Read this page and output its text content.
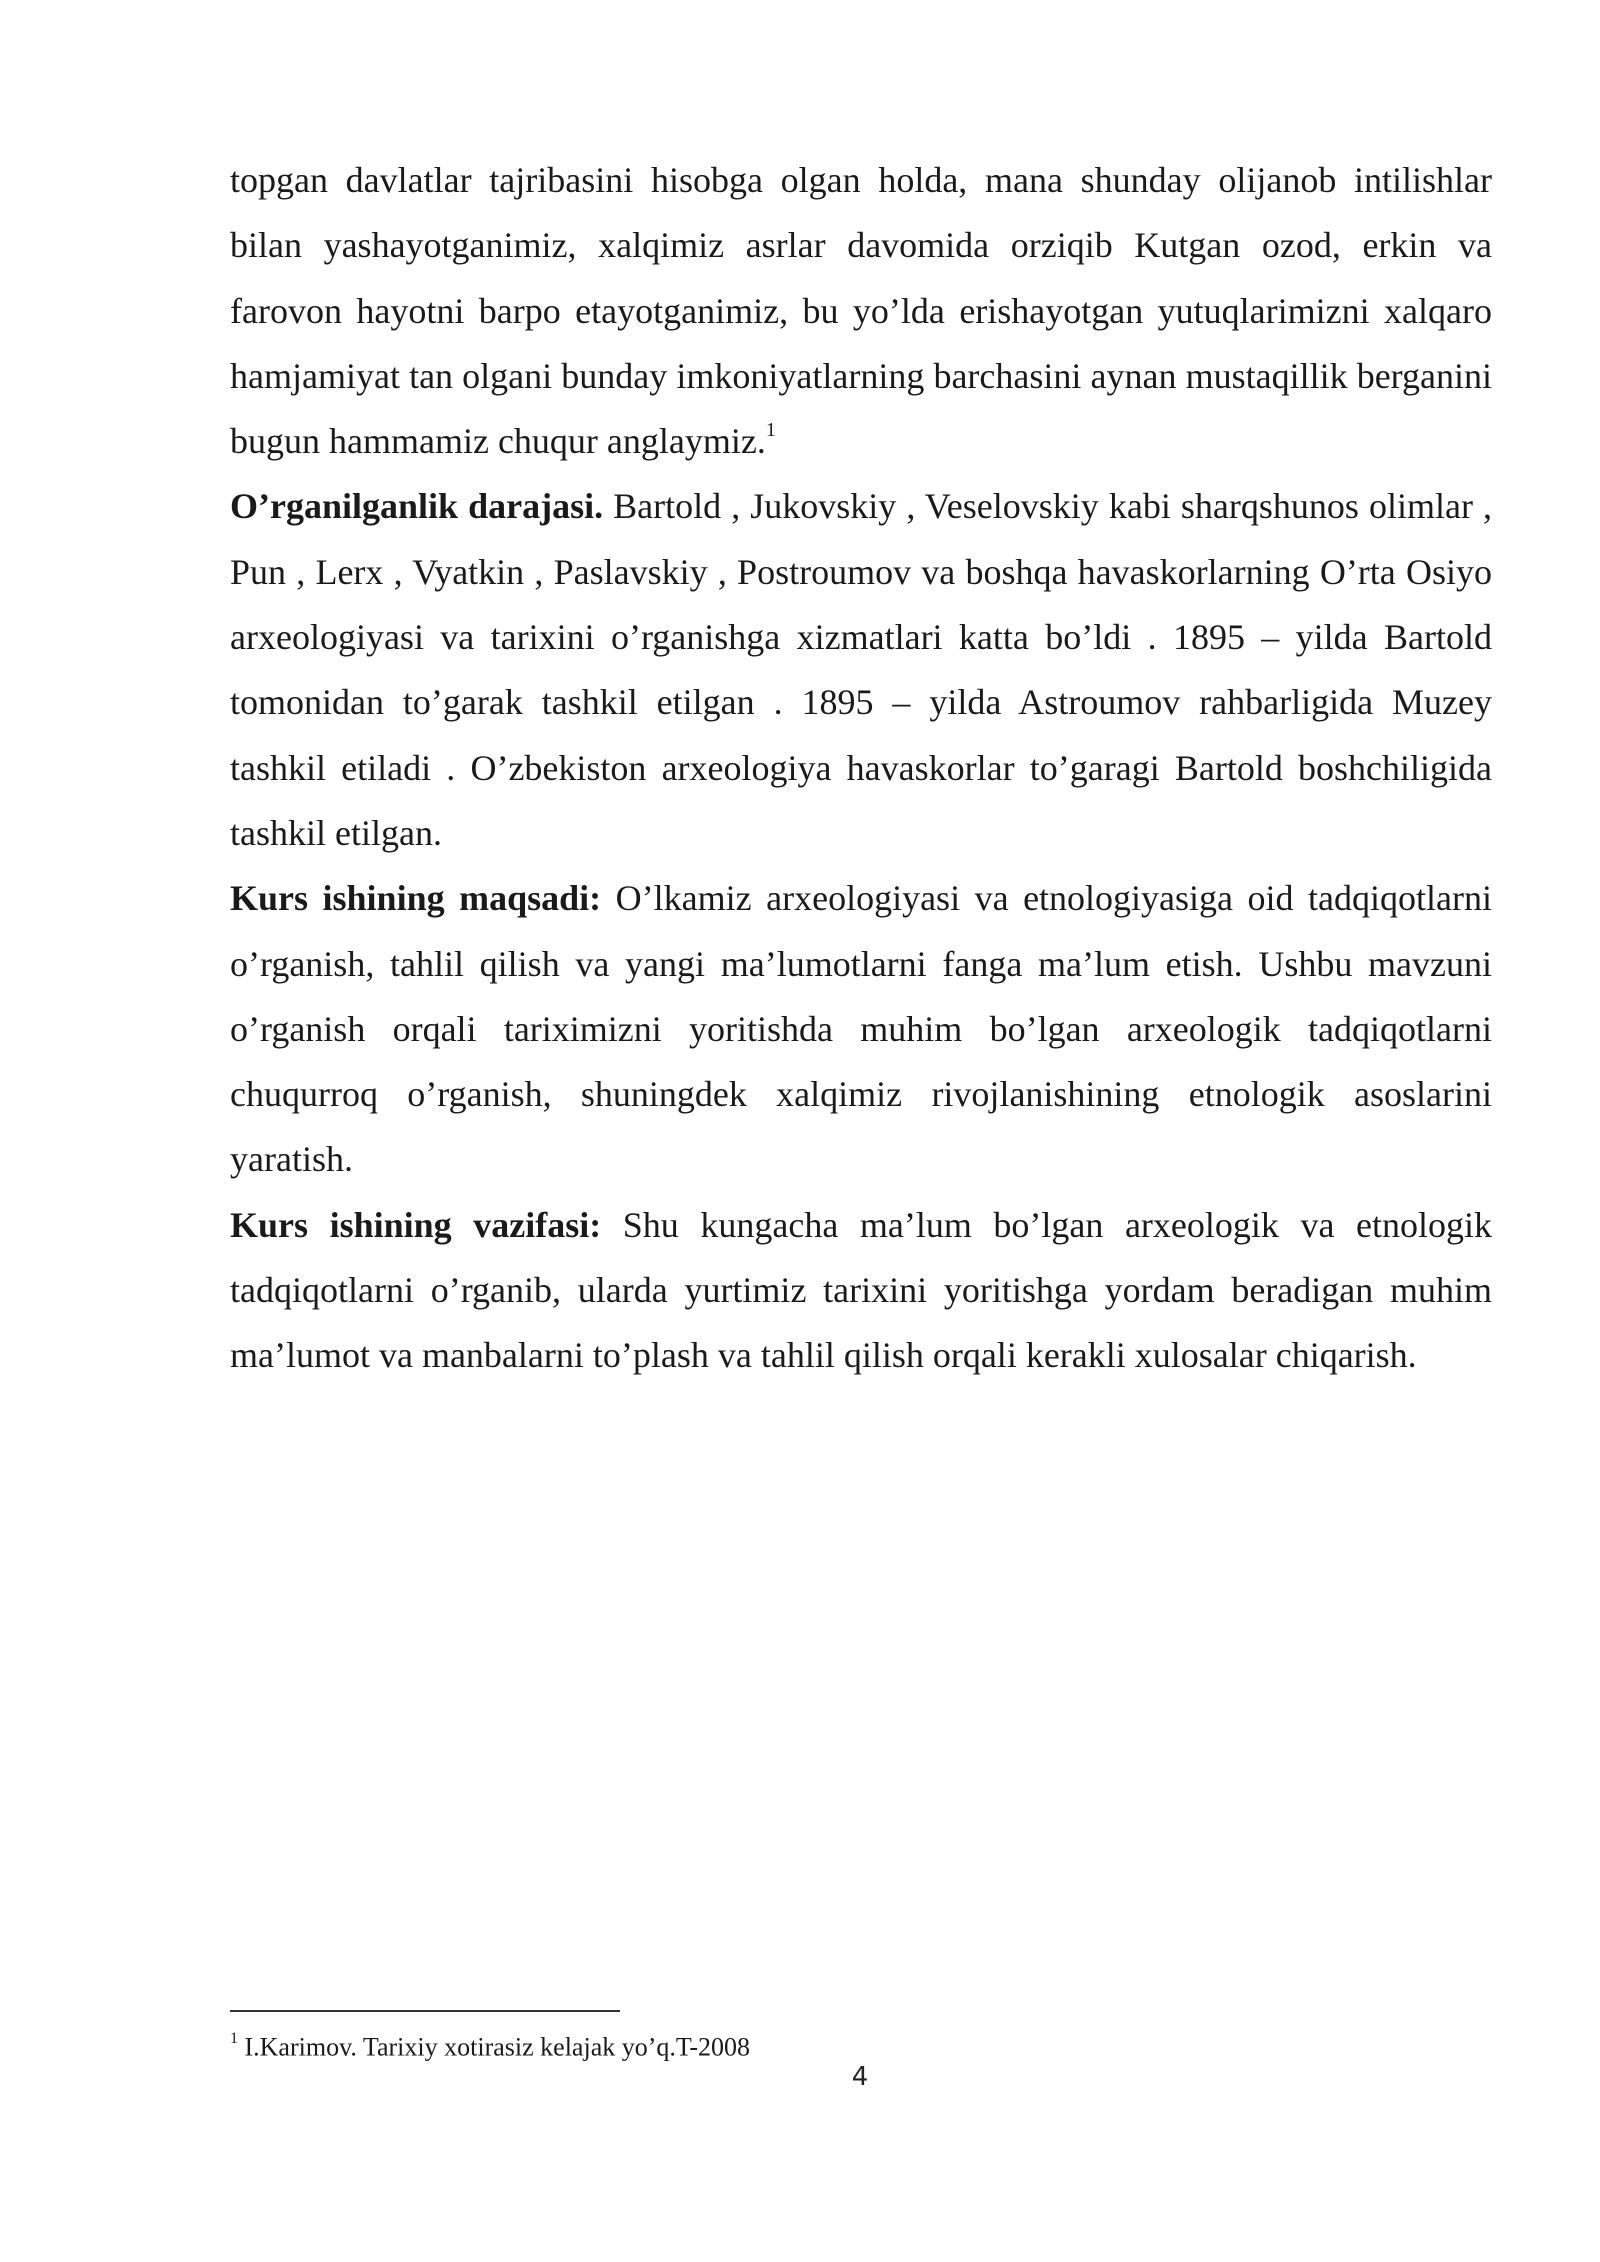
topgan davlatlar tajribasini hisobga olgan holda, mana shunday olijanob intilishlar bilan yashayotganimiz, xalqimiz asrlar davomida orziqib Kutgan ozod, erkin va farovon hayotni barpo etayotganimiz, bu yo’lda erishayotgan yutuqlarimizni xalqaro hamjamiyat tan olgani bunday imkoniyatlarning barchasini aynan mustaqillik berganini bugun hammamiz chuqur anglaymiz.$^1$

O’rganilganlik darajasi. Bartold , Jukovskiy , Veselovskiy kabi sharqshunos olimlar , Pun , Lerx , Vyatkin , Paslavskiy , Postroumov va boshqa havaskorlarning O’rta Osiyo arxeologiyasi va tarixini o’rganishga xizmatlari katta bo’ldi . 1895 – yilda Bartold tomonidan to’garak tashkil etilgan . 1895 – yilda Astroumov rahbarligida Muzey tashkil etiladi . O’zbekiston arxeologiya havaskorlar to’garagi Bartold boshchiligida tashkil etilgan.

Kurs ishining maqsadi: O’lkamiz arxeologiyasi va etnologiyasiga oid tadqiqotlarni o’rganish, tahlil qilish va yangi ma’lumotlarni fanga ma’lum etish. Ushbu mavzuni o’rganish orqali tariximizni yoritishda muhim bo’lgan arxeologik tadqiqotlarni chuqurroq o’rganish, shuningdek xalqimiz rivojlanishining etnologik asoslarini yaratish.

Kurs ishining vazifasi: Shu kungacha ma’lum bo’lgan arxeologik va etnologik tadqiqotlarni o’rganib, ularda yurtimiz tarixini yoritishga yordam beradigan muhim ma’lumot va manbalarni to’plash va tahlil qilish orqali kerakli xulosalar chiqarish.

$^1$ I.Karimov. Tarixiy xotirasiz kelajak yo’q.T-2008
4
